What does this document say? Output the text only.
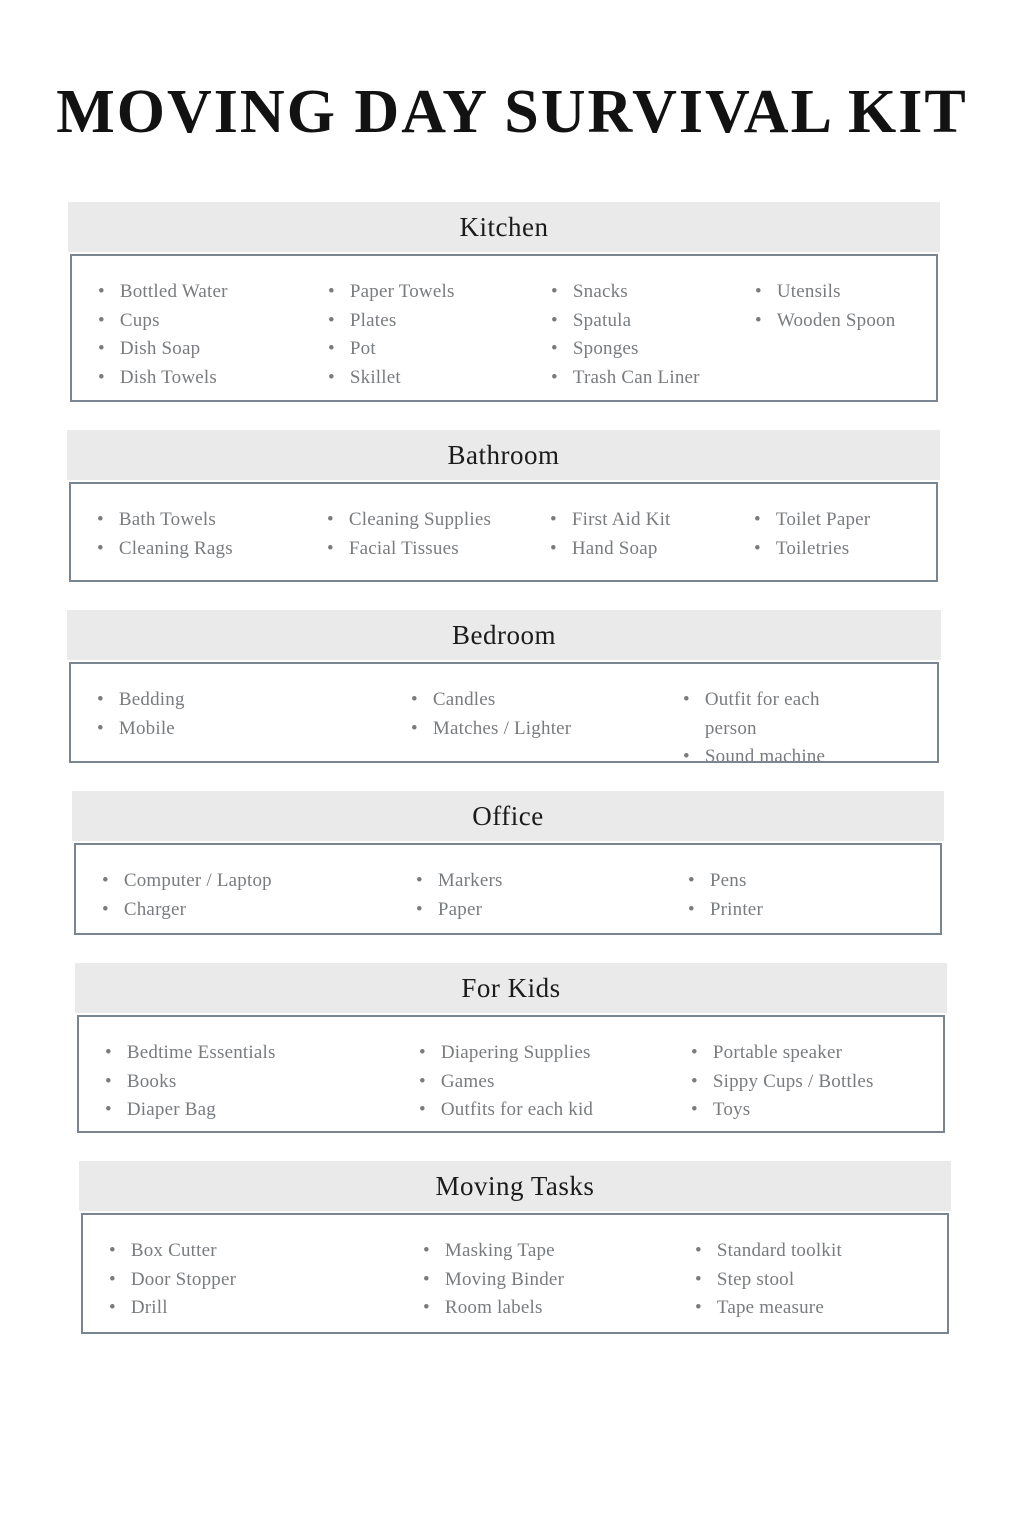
MOVING DAY SURVIVAL KIT
Kitchen
• Bottled Water
• Cups
• Dish Soap
• Dish Towels
• Paper Towels
• Plates
• Pot
• Skillet
• Snacks
• Spatula
• Sponges
• Trash Can Liner
• Utensils
• Wooden Spoon
Bathroom
• Bath Towels
• Cleaning Rags
• Cleaning Supplies
• Facial Tissues
• First Aid Kit
• Hand Soap
• Toilet Paper
• Toiletries
Bedroom
• Bedding
• Mobile
• Candles
• Matches / Lighter
• Outfit for each person
• Sound machine
Office
• Computer / Laptop
• Charger
• Markers
• Paper
• Pens
• Printer
For Kids
• Bedtime Essentials
• Books
• Diaper Bag
• Diapering Supplies
• Games
• Outfits for each kid
• Portable speaker
• Sippy Cups / Bottles
• Toys
Moving Tasks
• Box Cutter
• Door Stopper
• Drill
• Masking Tape
• Moving Binder
• Room labels
• Standard toolkit
• Step stool
• Tape measure
